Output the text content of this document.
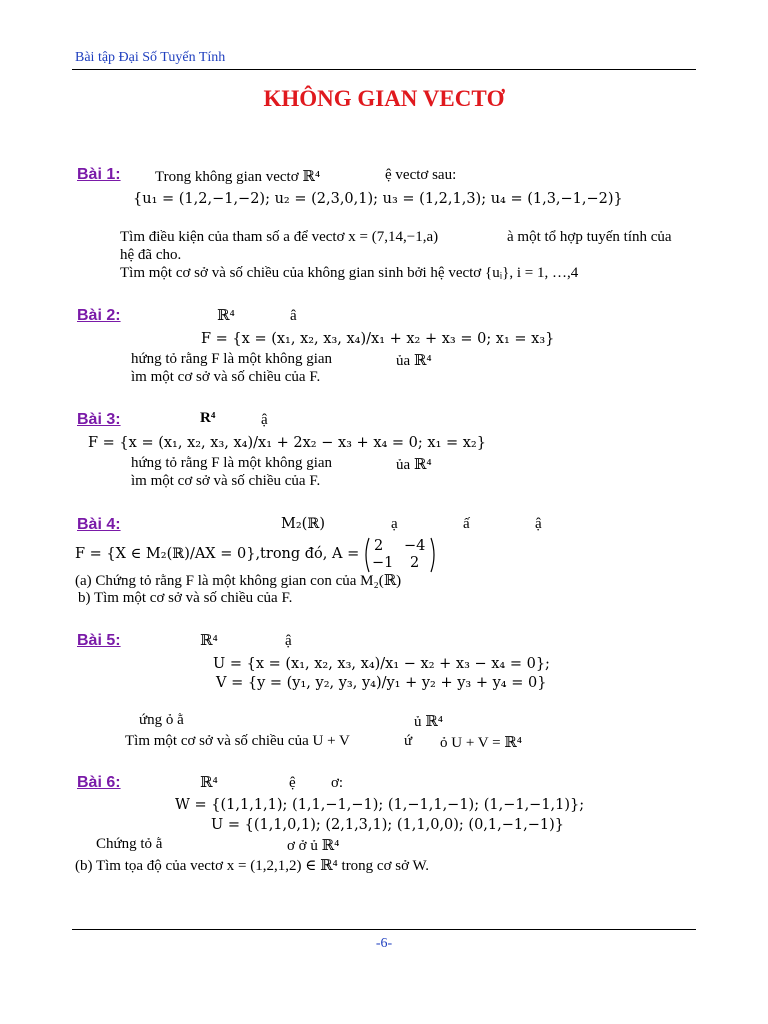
Bài tập Đại Số Tuyến Tính
KHÔNG GIAN VECTƠ
Bài 1: Trong không gian vectơ ℝ⁴	ệ vectơ sau:
{u₁ = (1,2,−1,−2); u₂ = (2,3,0,1); u₃ = (1,2,1,3); u₄ = (1,3,−1,−2)}
Tìm điều kiện của tham số a để vectơ x = (7,14,−1,a)	à một tổ hợp tuyến tính của
hệ đã cho.
Tìm một cơ sở và số chiều của không gian sinh bởi hệ vectơ {uᵢ}, i = 1, …,4
Bài 2:	ℝ⁴	â
F = {x = (x₁, x₂, x₃, x₄)/x₁ + x₂ + x₃ = 0; x₁ = x₃}
hứng tỏ rằng F là một không gian	ủa ℝ⁴
ìm một cơ sở và số chiều của F.
Bài 3:	R⁴	ậ
F = {x = (x₁, x₂, x₃, x₄)/x₁ + 2x₂ − x₃ + x₄ = 0; x₁ = x₂}
hứng tỏ rằng F là một không gian	ủa ℝ⁴
ìm một cơ sở và số chiều của F.
Bài 4:	M₂(ℝ)	ạ	ấ	ậ
F = {X ∈ M₂(ℝ)/AX = 0},trong đó, A = 2 −4
−1 2
(a) Chứng tỏ rằng F là một không gian con của M₂(ℝ)
b) Tìm một cơ sở và số chiều của F.
Bài 5:	ℝ⁴	ậ
U = {x = (x₁, x₂, x₃, x₄)/x₁ − x₂ + x₃ − x₄ = 0};
V = {y = (y₁, y₂, y₃, y₄)/y₁ + y₂ + y₃ + y₄ = 0}
ứng ỏ ằ	ủ ℝ⁴
Tìm một cơ sở và số chiều của U + V	ứ ỏ U + V = ℝ⁴
Bài 6:	ℝ⁴	ệ ơ:
W = {(1,1,1,1); (1,1,−1,−1); (1,−1,1,−1); (1,−1,−1,1)};
U = {(1,1,0,1); (2,1,3,1); (1,1,0,0); (0,1,−1,−1)}
Chứng tỏ ằ	ơ ở ủ ℝ⁴
(b) Tìm tọa độ của vectơ x = (1,2,1,2) ∈ ℝ⁴ trong cơ sở W.
-6-
